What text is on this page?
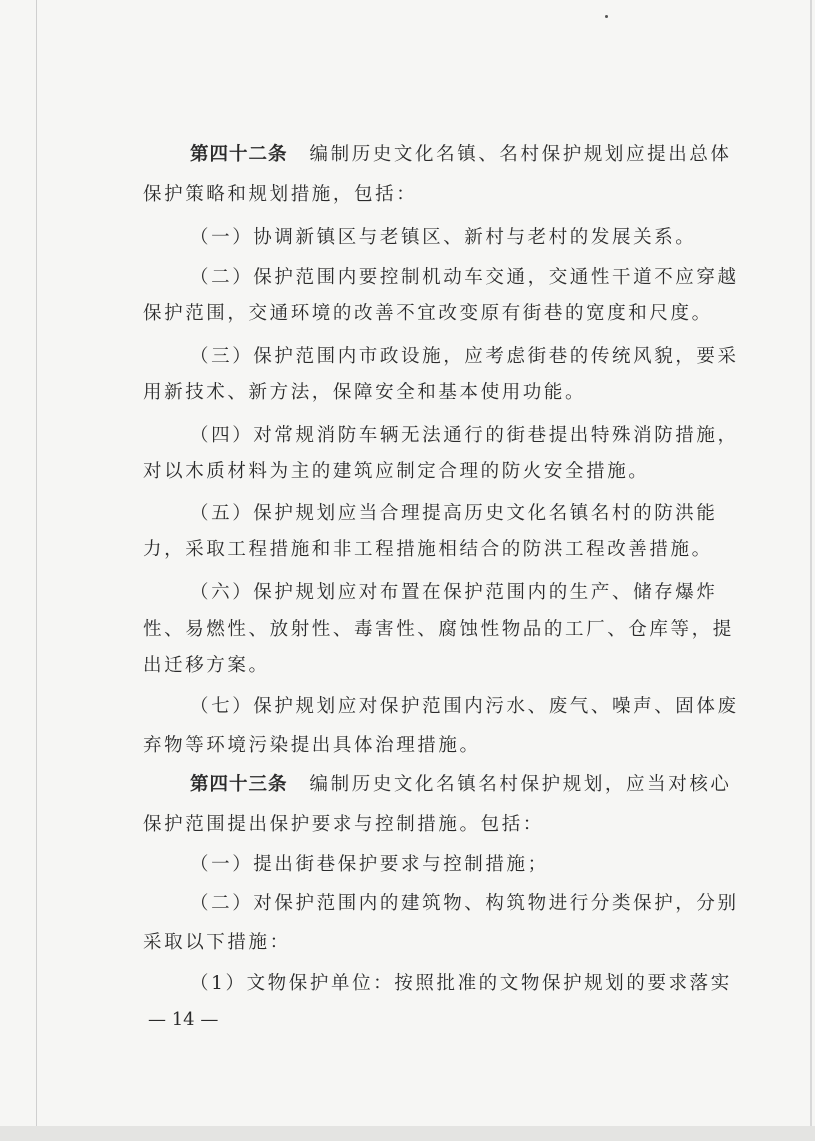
第四十二条 编制历史文化名镇、名村保护规划应提出总体
保护策略和规划措施，包括：
（一）协调新镇区与老镇区、新村与老村的发展关系。
（二）保护范围内要控制机动车交通，交通性干道不应穿越
保护范围，交通环境的改善不宜改变原有街巷的宽度和尺度。
（三）保护范围内市政设施，应考虑街巷的传统风貌，要采
用新技术、新方法，保障安全和基本使用功能。
（四）对常规消防车辆无法通行的街巷提出特殊消防措施，
对以木质材料为主的建筑应制定合理的防火安全措施。
（五）保护规划应当合理提高历史文化名镇名村的防洪能
力，采取工程措施和非工程措施相结合的防洪工程改善措施。
（六）保护规划应对布置在保护范围内的生产、储存爆炸
性、易燃性、放射性、毒害性、腐蚀性物品的工厂、仓库等，提
出迁移方案。
（七）保护规划应对保护范围内污水、废气、噪声、固体废
弃物等环境污染提出具体治理措施。
第四十三条 编制历史文化名镇名村保护规划，应当对核心
保护范围提出保护要求与控制措施。包括：
（一）提出街巷保护要求与控制措施；
（二）对保护范围内的建筑物、构筑物进行分类保护，分别
采取以下措施：
（1）文物保护单位：按照批准的文物保护规划的要求落实
— 14 —
